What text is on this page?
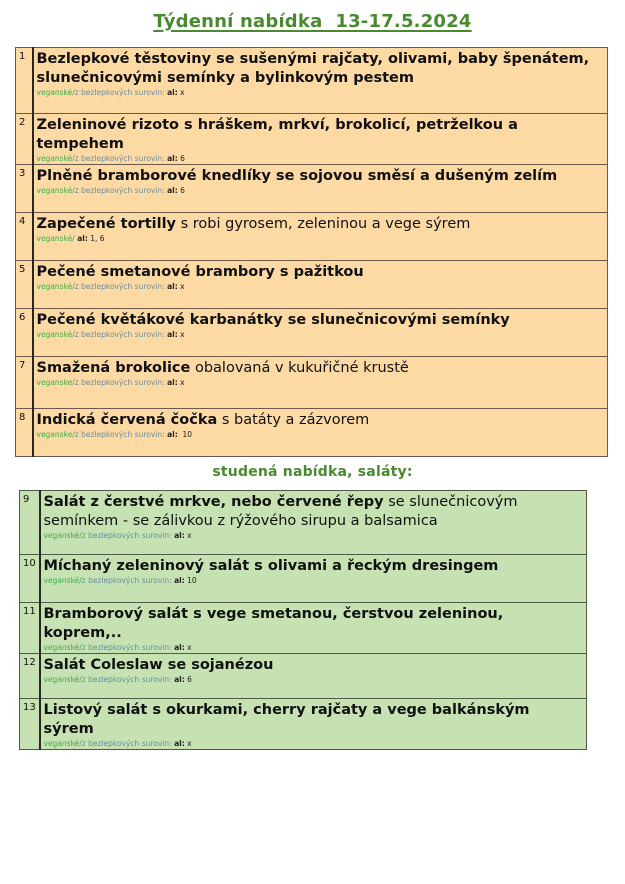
Týdenní nabídka  13-17.5.2024
1	Bezlepkové těstoviny se sušenými rajčaty, olivami, baby špenátem, slunečnicovými semínky a bylinkovým pestem
veganské/z bezlepkových surovin: al: x

2	Zeleninové rizoto s hráškem, mrkví, brokolicí, petrželkou a tempehem
veganské/z bezlepkových surovin: al: 6

3	Plněné bramborové knedlíky se sojovou směsí a dušeným zelím
veganské/z bezlepkových surovin: al: 6

4	Zapečené tortilly s robi gyrosem, zeleninou a vege sýrem
veganské/ al: 1, 6

5	Pečené smetanové brambory s pažitkou
veganské/z bezlepkových surovin: al: x

6	Pečené květákové karbanátky se slunečnicovými semínky
veganské/z bezlepkových surovin: al: x

7	Smažená brokolice obalovaná v kukuřičné krustě
veganske/z bezlepkových surovin: al: x

8	Indická červená čočka s batáty a zázvorem
veganske/z bezlepkových surovin: al:  10
studená nabídka, saláty:
9	Salát z čerstvé mrkve, nebo červené řepy se slunečnicovým semínkem - se zálivkou z rýžového sirupu a balsamica
veganské/z bezlepkových surovin: al: x

10	Míchaný zeleninový salát s olivami a řeckým dresingem
veganské/z bezlepkových surovin: al: 10

11	Bramborový salát s vege smetanou, čerstvou zeleninou, koprem,..
veganské/z bezlepkových surovin: al: x

12	Salát Coleslaw se sojanézou
veganské/z bezlepkových surovin: al: 6

13	Listový salát s okurkami, cherry rajčaty a vege balkánským sýrem
veganské/z bezlepkových surovin: al: x
